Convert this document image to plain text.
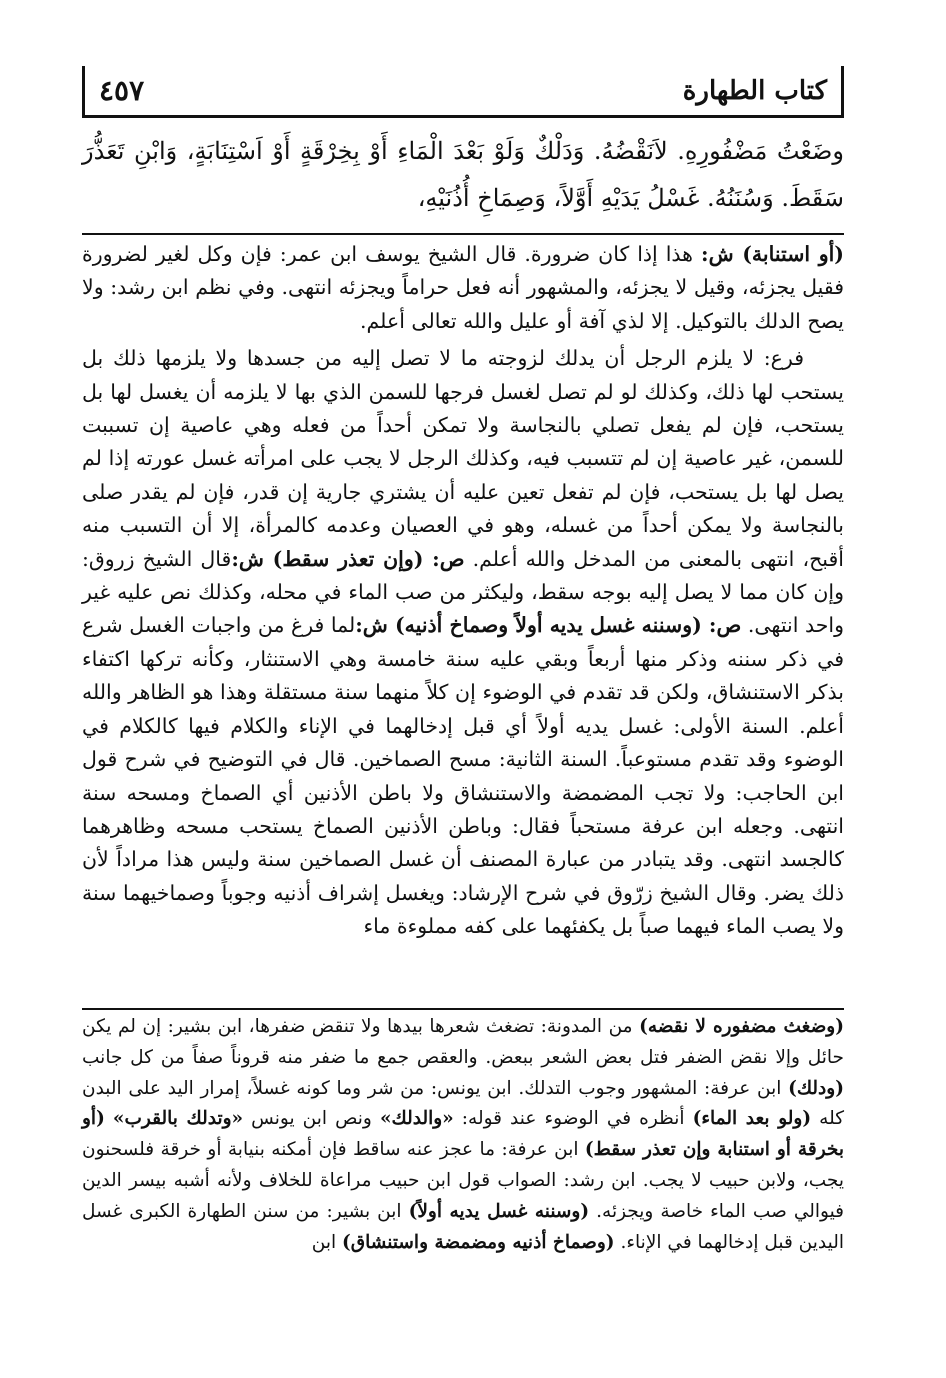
٤٥٧	كتاب الطهارة
وضَعْتُ مَضْفُورِهِ. لاَنَقْضُهُ. وَدَلْكٌ وَلَوْ بَعْدَ الْمَاءِ أَوْ بِخِرْقَةٍ أَوْ اَسْتِنَابَةٍ، وَابْنِ تَعَذُّرَ سَقَطَ. وَسُنَنُهُ. غَسْلُ يَدَيْهِ أَوَّلاً، وَصِمَاخِ أُذُنَيْهِ،

(أو استنابة) ش: هذا إذا كان ضرورة. قال الشيخ يوسف ابن عمر: فإن وكل لغير لضرورة فقيل يجزئه، وقيل لا يجزئه، والمشهور أنه فعل حراماً ويجزئه انتهى. وفي نظم ابن رشد: ولا يصح الدلك بالتوكيل. إلا لذي آفة أو عليل والله تعالى أعلم.

فرع: لا يلزم الرجل أن يدلك لزوجته ما لا تصل إليه من جسدها ولا يلزمها ذلك بل يستحب لها ذلك، وكذلك لو لم تصل لغسل فرجها للسمن الذي بها لا يلزمه أن يغسل لها بل يستحب، فإن لم يفعل تصلي بالنجاسة ولا تمكن أحداً من فعله وهي عاصية إن تسببت للسمن، غير عاصية إن لم تتسبب فيه، وكذلك الرجل لا يجب على امرأته غسل عورته إذا لم يصل لها بل يستحب، فإن لم تفعل تعين عليه أن يشتري جارية إن قدر، فإن لم يقدر صلى بالنجاسة ولا يمكن أحداً من غسله، وهو في العصيان وعدمه كالمرأة، إلا أن التسبب منه أقبح، انتهى بالمعنى من المدخل والله أعلم. ص: (وإن تعذر سقط) ش:قال الشيخ زروق: وإن كان مما لا يصل إليه بوجه سقط، وليكثر من صب الماء في محله، وكذلك نص عليه غير واحد انتهى. ص: (وسننه غسل يديه أولاً وصماخ أذنيه) ش:لما فرغ من واجبات الغسل شرع في ذكر سننه وذكر منها أربعاً وبقي عليه سنة خامسة وهي الاستنثار، وكأنه تركها اكتفاء بذكر الاستنشاق، ولكن قد تقدم في الوضوء إن كلاً منهما سنة مستقلة وهذا هو الظاهر والله أعلم. السنة الأولى: غسل يديه أولاً أي قبل إدخالهما في الإناء والكلام فيها كالكلام في الوضوء وقد تقدم مستوعباً. السنة الثانية: مسح الصماخين. قال في التوضيح في شرح قول ابن الحاجب: ولا تجب المضمضة والاستنشاق ولا باطن الأذنين أي الصماخ ومسحه سنة انتهى. وجعله ابن عرفة مستحباً فقال: وباطن الأذنين الصماخ يستحب مسحه وظاهرهما كالجسد انتهى. وقد يتبادر من عبارة المصنف أن غسل الصماخين سنة وليس هذا مراداً لأن ذلك يضر. وقال الشيخ زرّوق في شرح الإرشاد: ويغسل إشراف أذنيه وجوباً وصماخيهما سنة ولا يصب الماء فيهما صباً بل يكفئهما على كفه مملوءة ماء

(وضغث مضفوره لا نقضه) من المدونة: تضغث شعرها بيدها ولا تنقض ضفرها، ابن بشير: إن لم يكن حائل وإلا نقض الضفر فتل بعض الشعر ببعض. والعقص جمع ما ضفر منه قروناً صفاً من كل جانب (ودلك) ابن عرفة: المشهور وجوب التدلك. ابن يونس: من شر وما كونه غسلاً، إمرار اليد على البدن كله (ولو بعد الماء) أنظره في الوضوء عند قوله: «والدلك» ونص ابن يونس «وتدلك بالقرب» (أو بخرقة أو استنابة وإن تعذر سقط) ابن عرفة: ما عجز عنه ساقط فإن أمكنه بنيابة أو خرقة فلسحنون يجب، ولابن حبيب لا يجب. ابن رشد: الصواب قول ابن حبيب مراعاة للخلاف ولأنه أشبه بيسر الدين فيوالي صب الماء خاصة ويجزئه. (وسننه غسل يديه أولاً) ابن بشير: من سنن الطهارة الكبرى غسل اليدين قبل إدخالهما في الإناء. (وصماخ أذنيه ومضمضة واستنشاق) ابن
